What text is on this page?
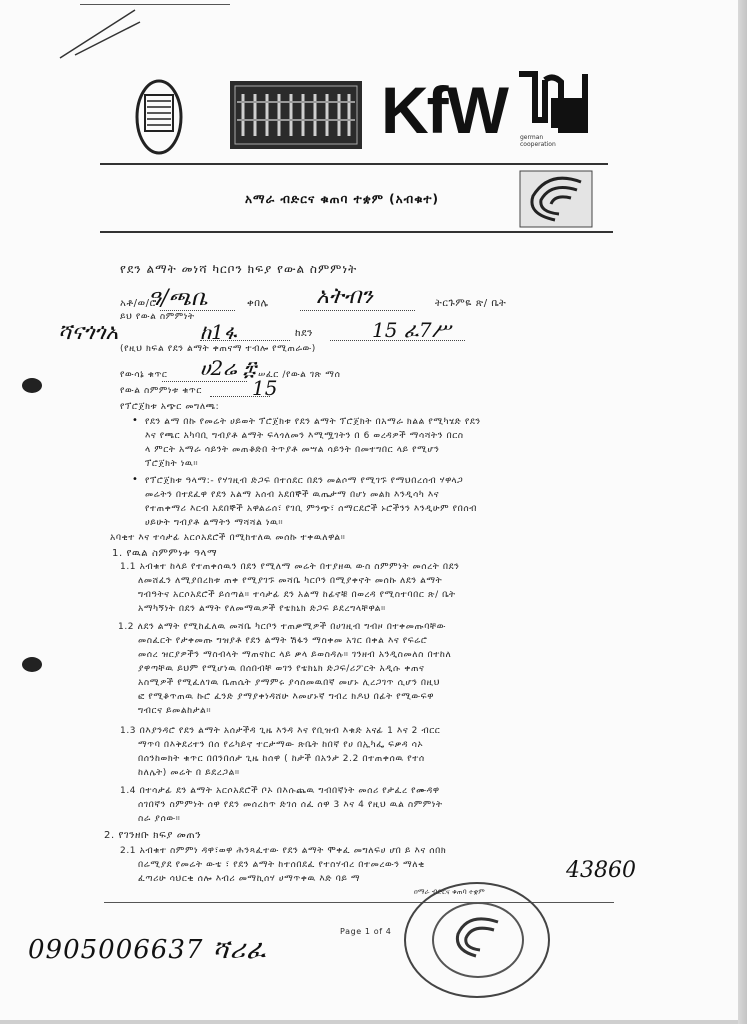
KfW german cooperation
አማራ ብድርና ቁጠባ ተቋም (አብቁተ)
የደን ልማት መነሻ ካርቦን ክፍያ የውል ስምምነት
አቶ/ወ/ሮ
ዓ/ጫቤ	ቀበሌ አትብን	ትርጉምዬ ጽ/ ቤት
ይህ የውል ስምምነት
ሻናጎጎአ	ከ1ፋ	ከደን	15 ፈ7ሥ
(የዚህ ክፍል የደን ልማት ቀጠናማ ተብሎ የሚጠራው)
የውሳኔ ቁጥር ሀ2ሬ ፰ ሠፈር /የውል ገጽ ማሰ
የውል ስምምነቱ ቁጥር	15
የፕሮጀክቱ አጭር መግለጫ:
• የደን ልማ በኩ የመሬት ሀይወት ፕሮጀክቱ የደን ልማት ፕሮጀክት በአማራ ክልል የሚካሄድ የደን
እና የጫር አካባቢ ግብያቶ ልማት ፍላጎለመን እሚሟገትን በ 6 ወረዳዎች ማሳሻትን በርስ
ላ ምርት አማራ ሳይንት መጠቆድበ ትጥያቶ መሣል ሳይንት በመተግበር ላይ የሚሆን
ፕሮጀክት ነዉ።
• የፕሮጀክቱ ዓላማ:- የሃገዚብ ድጋፍ በተሰደር በደን መልሶማ የሚገኙ የማህበረሰብ ሃዋላጋ
መሬትን በተደፈዋ የደን አልማ አሰብ አደበኞች ዉጤታማ በሆነ መልክ እንዲሳካ እና
የተጠቀማሪ እርብ አደበኞች አዋልሬሰ፣ የገቢ ምንጭ፣ ሰማርደሮች ኑሮችንን እንዲሁም የበሰብ
ሀይሁት ግብያቶ ልማትን ማሻሻል ነዉ።
አባቂተ እና ተሳታፊ አርሶአደሮች በሚከተለዉ መሰኩ ተቀዉለዋል።
1. የዉል ስምምነቱ ዓላማ
1.1 አብቁተ ከላይ የተጠቀሰዉን በደን የሚለማ መሬት በተያዘዉ ውስ ስምምነት መሰረት በደን
ለመሸፈን ለሚያበረክቱ ጠቀ የሚያገኙ መሻቤ ካርቦን በሚያቀኖት መሰኩ ለደን ልማት
ግብዓትና አርሶአደሮች ይሰጣል። ተሳታፊ ደን አልማ ከፊኖቹ በወረዳ የሚስተባበር ጽ/ ቤት
አማካኝነት በደን ልማት የለመማዉዎች የቴክኒክ ድጋፍ ይደረግላቸዋል።
1.2 ለደን ልማት የሚከፈለዉ መሻቤ ካርቦን ተጠቃሚዎች በሀገዚብ ግብዞ በተቀመጡባቸው
መስፈርት የታቀመጡ ግዝያቶ የደን ልማት ሽፋን ማስቀመ አገር በቀል እና የፍሬሮ
መሰረ ዝርያዎችን ማስብላት ማጠናከር ላይ ቃላ ይወስዳሉ። ገንዘብ አንዲስመለስ በተከለ
ያዋጣቸዉ ይህም የሚሆነዉ በሰበብቸ ወገን የቴክኒክ ድጋፍ/ሪፖርት አዲሱ ቀጠና
አስሚዎች የሚፈለገዉ ቤጠሴት ያማምሩ ያሳስመዉበኛ መሆኑ ሊረጋገጥ ሲሆን በዚህ
ፎ የሚቆጥጠዉ ኩሮ ፈንድ ያማያቀነዳሸሁ እመሆኑኛ ግብረ ክዶህ በፊት የሚውፍዋ
ግብርና ይመልከታል።
1.3 በእያንዳሮ የደን ልማት አሰታችዳ ጊዜ እንዳ እና የቢዝብ እቁድ አናፊ 1 እና 2 ብርር
ማጥባ በእቅደሪተን በሰ የሬካይኖ ተርታማው ጽቤት ከበኛ የሀ በኢካፌ ፍቃዳ ሳኦ
በሰንከወክት ቁጥር በበንበሰታ ጊዜ ከሰዋ ( ከታች በአንታ 2.2 በተጠቀሰዉ የተሰ
ከለሌት) መሬት በ ይደረጋል።
1.4 በተሳታፊ ደን ልማት አርሶአደሮች ቦኦ በእሱጨዉ ግብበኛነት መሰሪ የታፈረ የሙዳዋ
ሰገበኛን ስምምነት ሰዋ የደን መሰረከጥ ድገሰ ሰፈ ሰዋ 3 እና 4 የዚህ ዉል ስምምነት
ስራ ያሰው።
2. የገንዘቡ ክፍያ መጠን
2.1 አብቁተ ስምምነ ዳዋ፣ወዋ ሕንጻፈተው የደን ልማት ሞቀፈ መግለፍሀ ሆበ ይ እና ሰበክ
በሬሚያደ የመሬት ውቴ ፣ የደን ልማት ከተሰበደፈ የተስሃብረ በተመረውን ማለቂ
ፈጣሪሁ ሳህርቂ ሰሎ እብሪ መማኪሰሃ ሀማጥቀዉ እድ ባይ ማ	43860
Page 1 of 4
0905006637 ሻሪፈ
ዐማራ ብድርና ቁጠባ ተቋም
